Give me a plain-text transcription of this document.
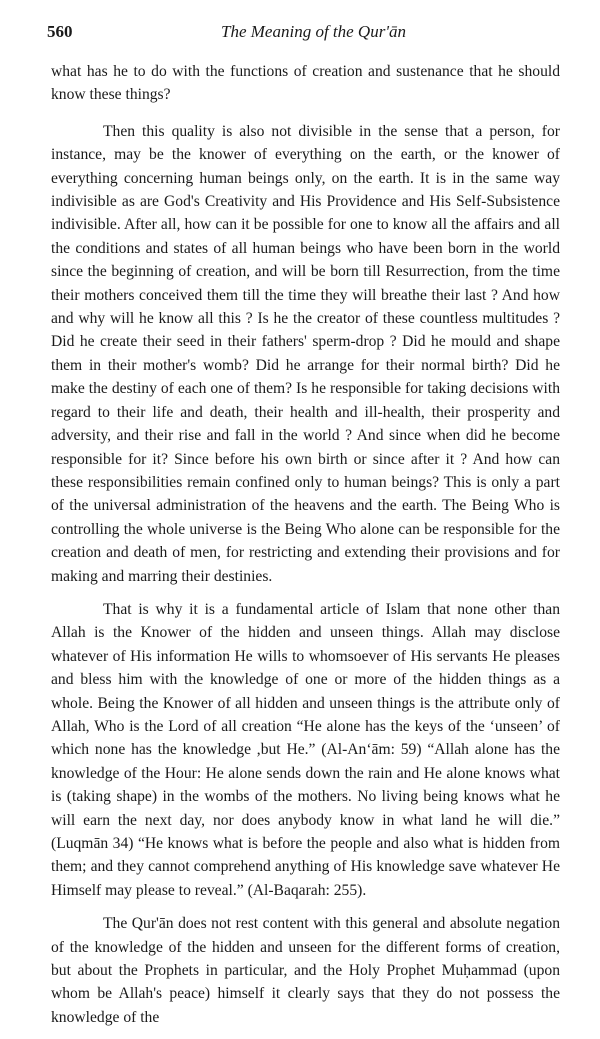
560	The Meaning of the Qur'ān

what has he to do with the functions of creation and sustenance that he should know these things?

Then this quality is also not divisible in the sense that a person, for instance, may be the knower of everything on the earth, or the knower of everything concerning human beings only, on the earth. It is in the same way indivisible as are God's Creativity and His Providence and His Self-Subsistence indivisible. After all, how can it be possible for one to know all the affairs and all the conditions and states of all human beings who have been born in the world since the beginning of creation, and will be born till Resurrection, from the time their mothers conceived them till the time they will breathe their last ? And how and why will he know all this ? Is he the creator of these countless multitudes ? Did he create their seed in their fathers' sperm-drop ? Did he mould and shape them in their mother's womb? Did he arrange for their normal birth? Did he make the destiny of each one of them? Is he responsible for taking decisions with regard to their life and death, their health and ill-health, their prosperity and adversity, and their rise and fall in the world ? And since when did he become responsible for it? Since before his own birth or since after it ? And how can these responsibilities remain confined only to human beings? This is only a part of the universal administration of the heavens and the earth. The Being Who is controlling the whole universe is the Being Who alone can be responsible for the creation and death of men, for restricting and extending their provisions and for making and marring their destinies.

That is why it is a fundamental article of Islam that none other than Allah is the Knower of the hidden and unseen things. Allah may disclose whatever of His information He wills to whomsoever of His servants He pleases and bless him with the knowledge of one or more of the hidden things as a whole. Being the Knower of all hidden and unseen things is the attribute only of Allah, Who is the Lord of all creation “He alone has the keys of the ‘unseen’ of which none has the knowledge ,but He.” (Al-An‘ām: 59) “Allah alone has the knowledge of the Hour: He alone sends down the rain and He alone knows what is (taking shape) in the wombs of the mothers. No living being knows what he will earn the next day, nor does anybody know in what land he will die.” (Luqmān 34) “He knows what is before the people and also what is hidden from them; and they cannot comprehend anything of His knowledge save whatever He Himself may please to reveal.” (Al-Baqarah: 255).

The Qur'ān does not rest content with this general and absolute negation of the knowledge of the hidden and unseen for the different forms of creation, but about the Prophets in particular, and the Holy Prophet Muḥammad (upon whom be Allah's peace) himself it clearly says that they do not possess the knowledge of the
